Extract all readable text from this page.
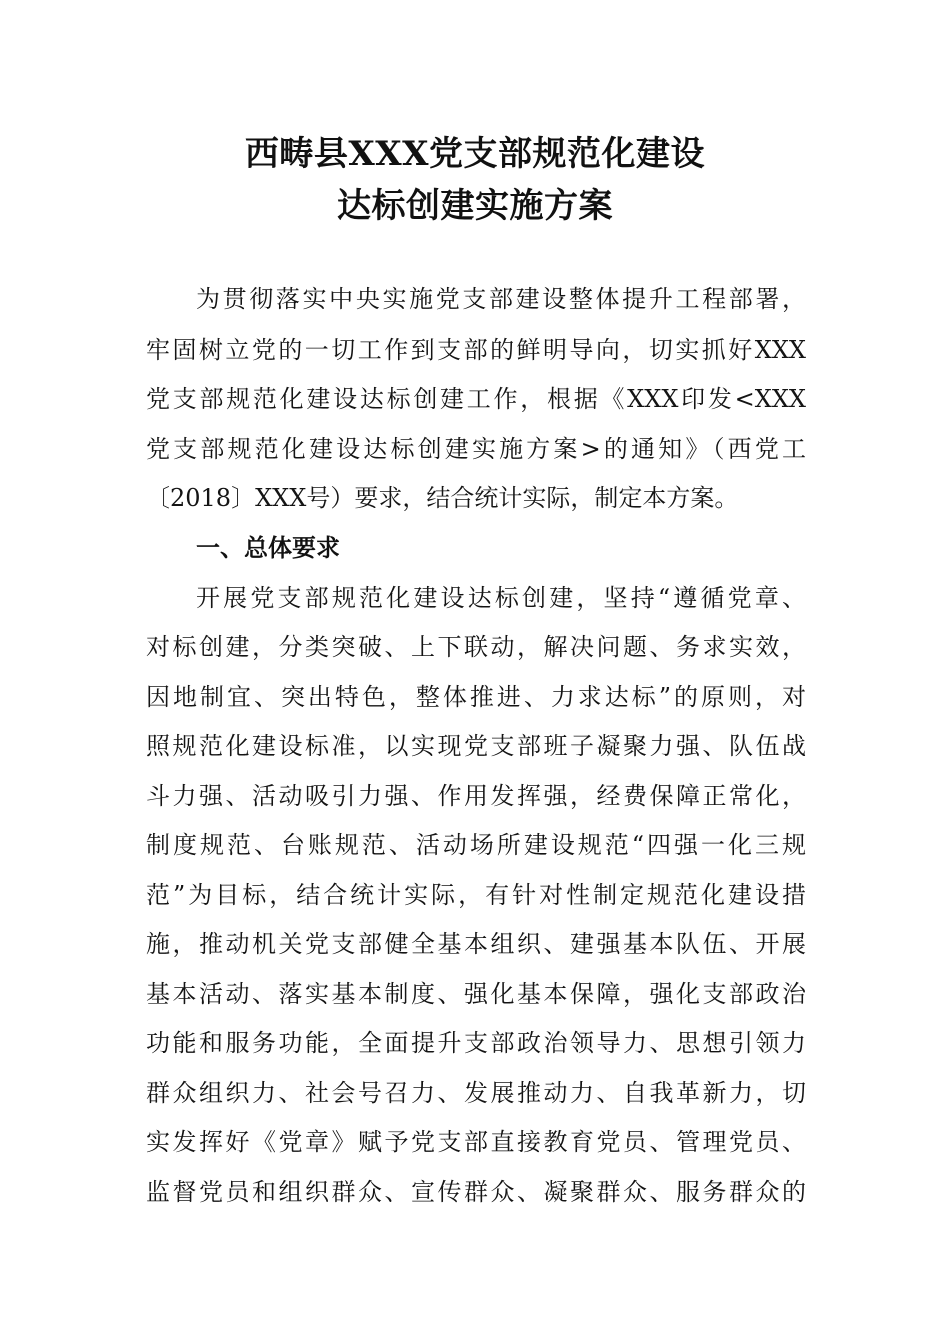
西畴县XXX党支部规范化建设
达标创建实施方案
为贯彻落实中央实施党支部建设整体提升工程部署，
牢固树立党的一切工作到支部的鲜明导向，切实抓好XXX
党支部规范化建设达标创建工作，根据《XXX印发<XXX
党支部规范化建设达标创建实施方案>的通知》（西党工
〔2018〕XXX号）要求，结合统计实际，制定本方案。
一、总体要求
开展党支部规范化建设达标创建，坚持“遵循党章、
对标创建，分类突破、上下联动，解决问题、务求实效，
因地制宜、突出特色，整体推进、力求达标”的原则，对
照规范化建设标准，以实现党支部班子凝聚力强、队伍战
斗力强、活动吸引力强、作用发挥强，经费保障正常化，
制度规范、台账规范、活动场所建设规范“四强一化三规
范”为目标，结合统计实际，有针对性制定规范化建设措
施，推动机关党支部健全基本组织、建强基本队伍、开展
基本活动、落实基本制度、强化基本保障，强化支部政治
功能和服务功能，全面提升支部政治领导力、思想引领力
群众组织力、社会号召力、发展推动力、自我革新力，切
实发挥好《党章》赋予党支部直接教育党员、管理党员、
监督党员和组织群众、宣传群众、凝聚群众、服务群众的
